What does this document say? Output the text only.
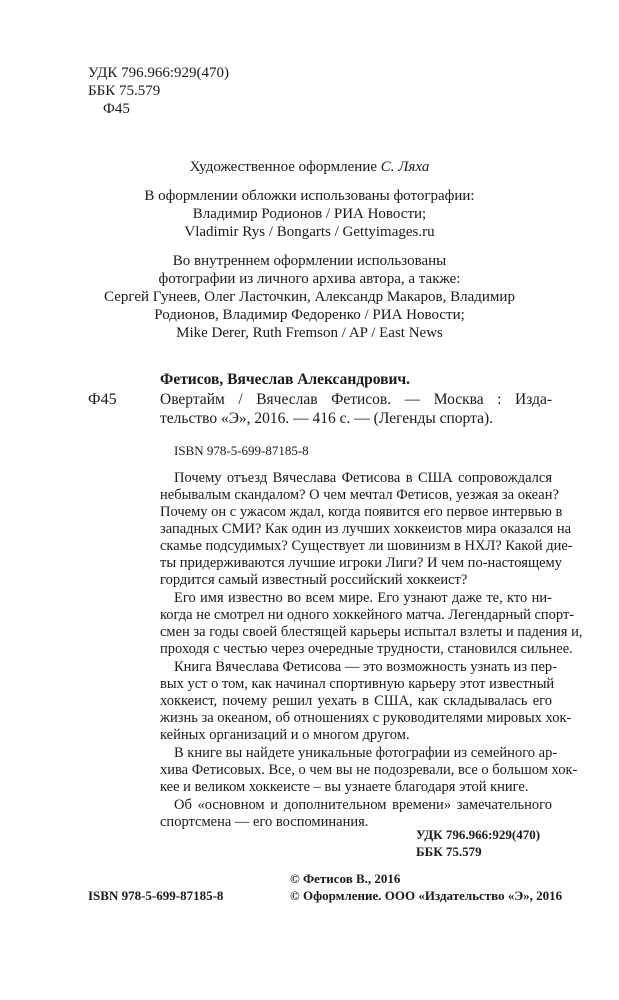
УДК 796.966:929(470)
ББК 75.579
Ф45
Художественное оформление С. Ляха
В оформлении обложки использованы фотографии:
Владимир Родионов / РИА Новости;
Vladimir Rys / Bongarts / Gettyimages.ru
Во внутреннем оформлении использованы
фотографии из личного архива автора, а также:
Сергей Гунеев, Олег Ласточкин, Александр Макаров, Владимир
Родионов, Владимир Федоренко / РИА Новости;
Mike Derer, Ruth Fremson / AP / East News
Фетисов, Вячеслав Александрович.
Ф45	Овертайм / Вячеслав Фетисов. — Москва : Изда-
тельство «Э», 2016. — 416 с. — (Легенды спорта).
ISBN 978-5-699-87185-8
Почему отъезд Вячеслава Фетисова в США сопровождался
небывалым скандалом? О чем мечтал Фетисов, уезжая за океан?
Почему он с ужасом ждал, когда появится его первое интервью в
западных СМИ? Как один из лучших хоккеистов мира оказался на
скамье подсудимых? Существует ли шовинизм в НХЛ? Какой дие-
ты придерживаются лучшие игроки Лиги? И чем по-настоящему
гордится самый известный российский хоккеист?
Его имя известно во всем мире. Его узнают даже те, кто ни-
когда не смотрел ни одного хоккейного матча. Легендарный спорт-
смен за годы своей блестящей карьеры испытал взлеты и падения и,
проходя с честью через очередные трудности, становился сильнее.
Книга Вячеслава Фетисова — это возможность узнать из пер-
вых уст о том, как начинал спортивную карьеру этот известный
хоккеист, почему решил уехать в США, как складывалась его
жизнь за океаном, об отношениях с руководителями мировых хок-
кейных организаций и о многом другом.
В книге вы найдете уникальные фотографии из семейного ар-
хива Фетисовых. Все, о чем вы не подозревали, все о большом хок-
кее и великом хоккеисте – вы узнаете благодаря этой книге.
Об «основном и дополнительном времени» замечательного
спортсмена — его воспоминания.
УДК 796.966:929(470)
ББК 75.579
ISBN 978-5-699-87185-8
© Фетисов В., 2016
© Оформление. ООО «Издательство «Э», 2016
